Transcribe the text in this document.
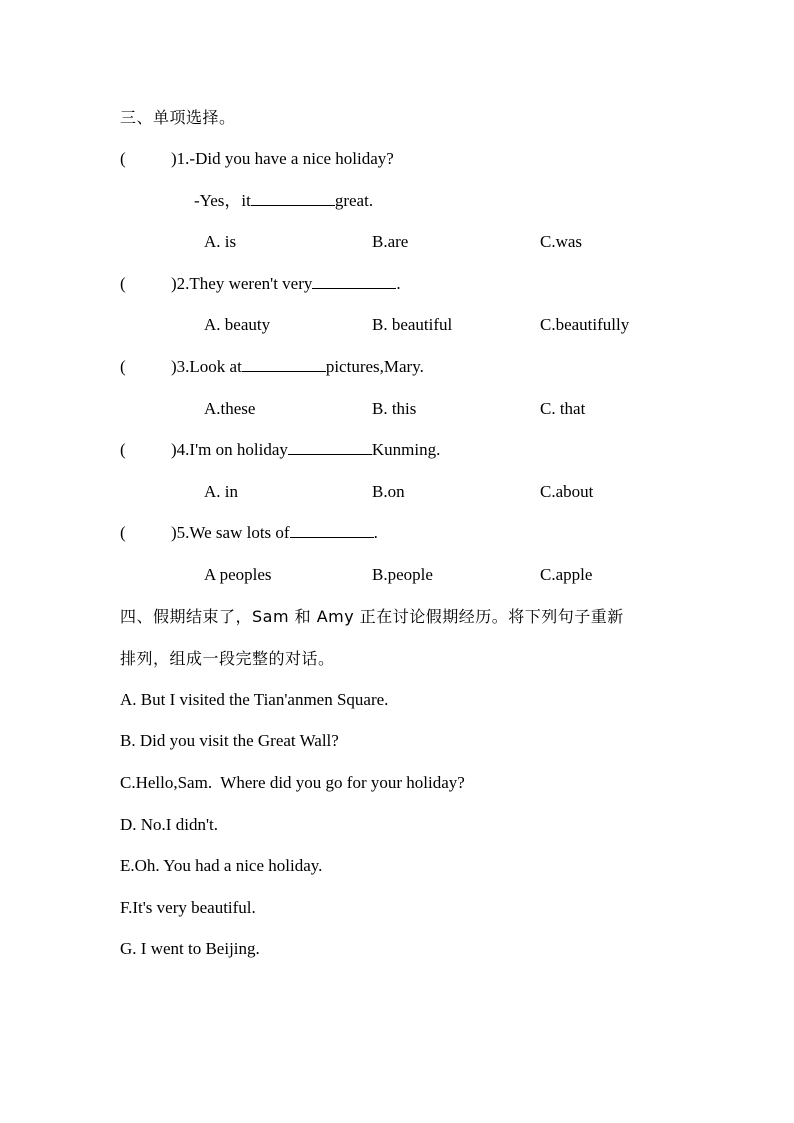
三、单项选择。
(	)1.-Did you have a nice holiday?
-Yes，it	great.
A. is	B.are	C.was
(	)2.They weren't very	.
A. beauty	B. beautiful	C.beautifully
(	)3.Look at	pictures,Mary.
A.these	B. this	C. that
(	)4.I'm on holiday	Kunming.
A. in	B.on	C.about
(	)5.We saw lots of	.
A peoples	B.people	C.apple
四、假期结束了，Sam 和 Amy 正在讨论假期经历。将下列句子重新
排列，组成一段完整的对话。
A. But I visited the Tian'anmen Square.
B. Did you visit the Great Wall?
C.Hello,Sam.  Where did you go for your holiday?
D. No.I didn't.
E.Oh. You had a nice holiday.
F.It's very beautiful.
G. I went to Beijing.
